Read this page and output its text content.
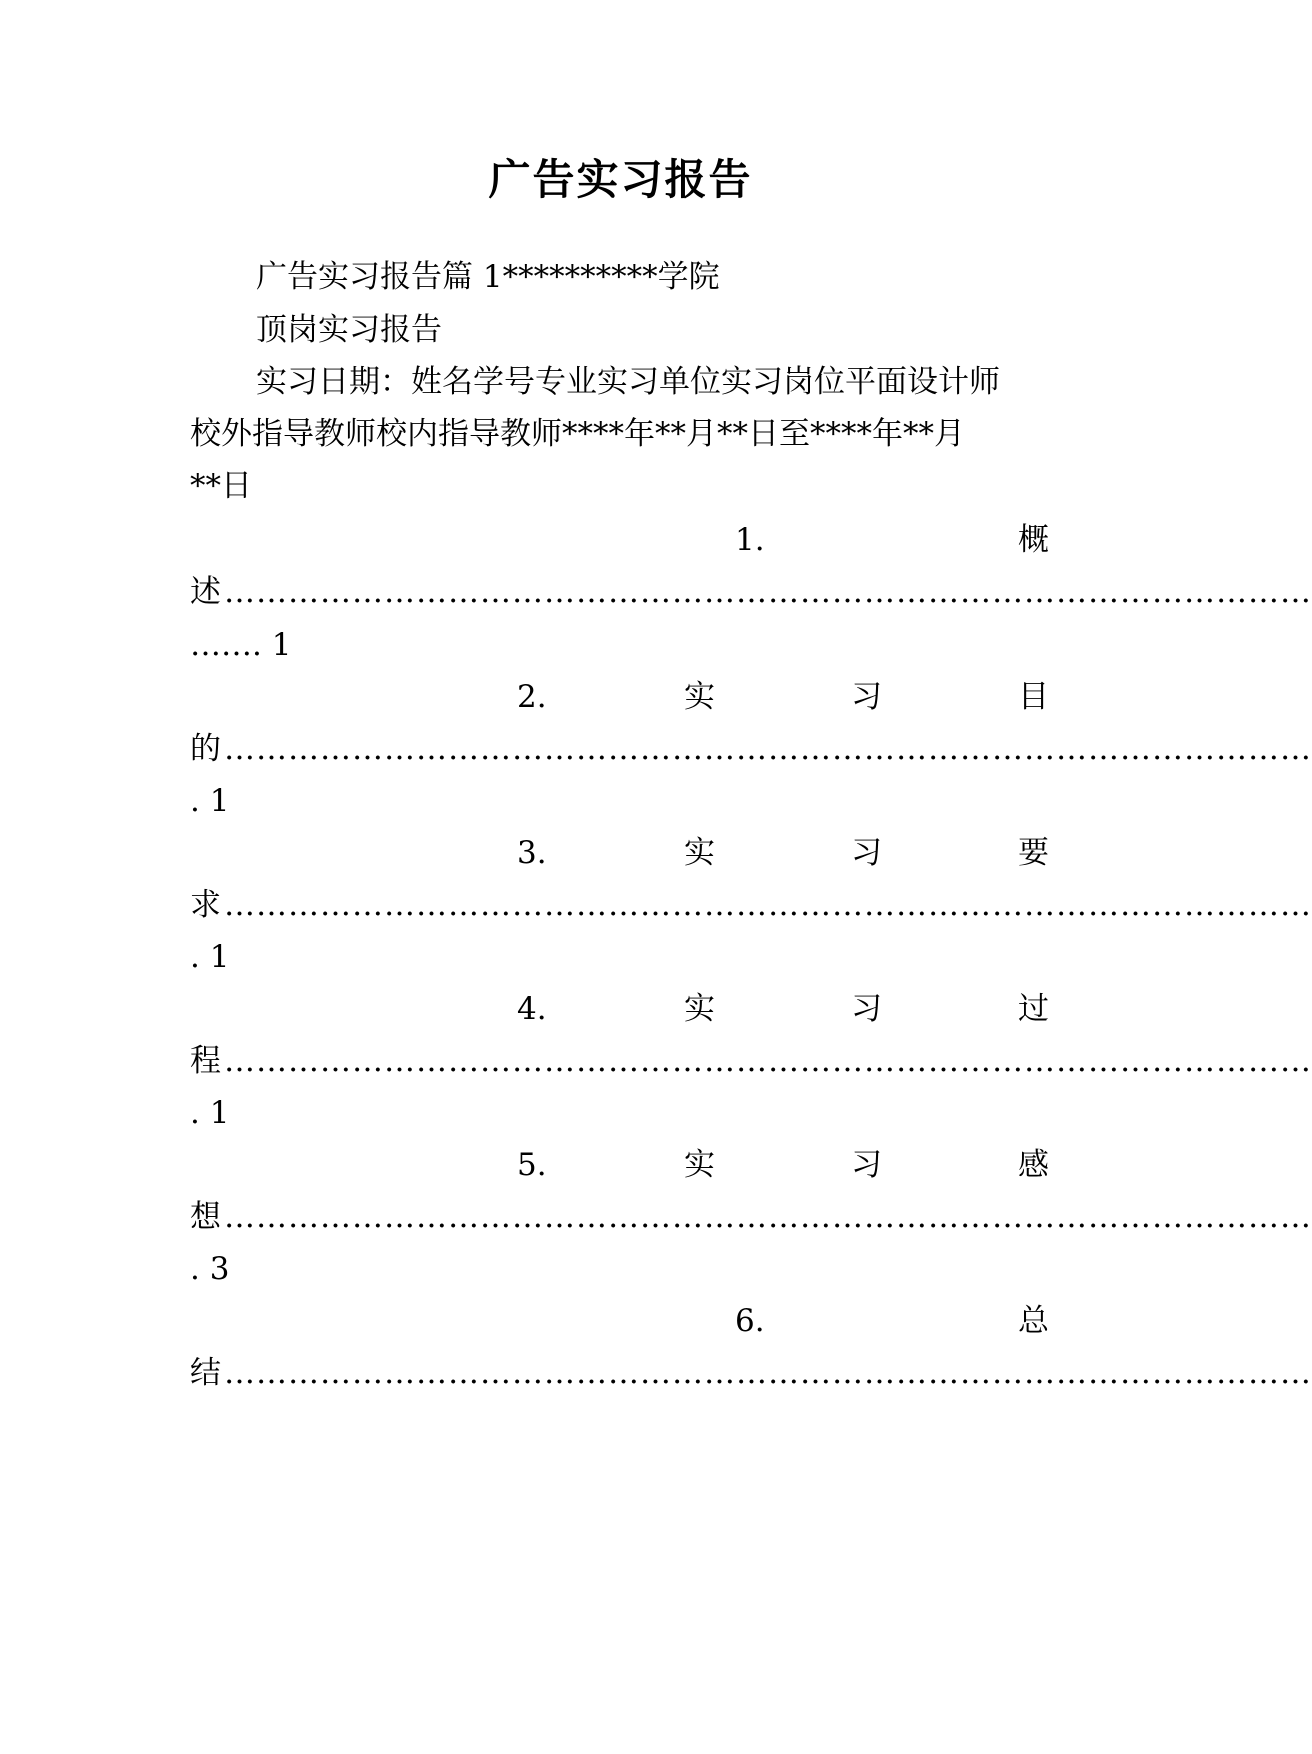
广告实习报告
广告实习报告篇 1**********学院
顶岗实习报告
实习日期：姓名学号专业实习单位实习岗位平面设计师
校外指导教师校内指导教师****年**月**日至****年**月
**日
1.	概
述 …………………………………………………………………………………………
……. 1
2.	实	习	目
的 …………………………………………………………………………………………
. 1
3.	实	习	要
求 …………………………………………………………………………………………
. 1
4.	实	习	过
程 …………………………………………………………………………………………
. 1
5.	实	习	感
想 …………………………………………………………………………………………
. 3
6.	总
结 …………………………………………………………………………………………
